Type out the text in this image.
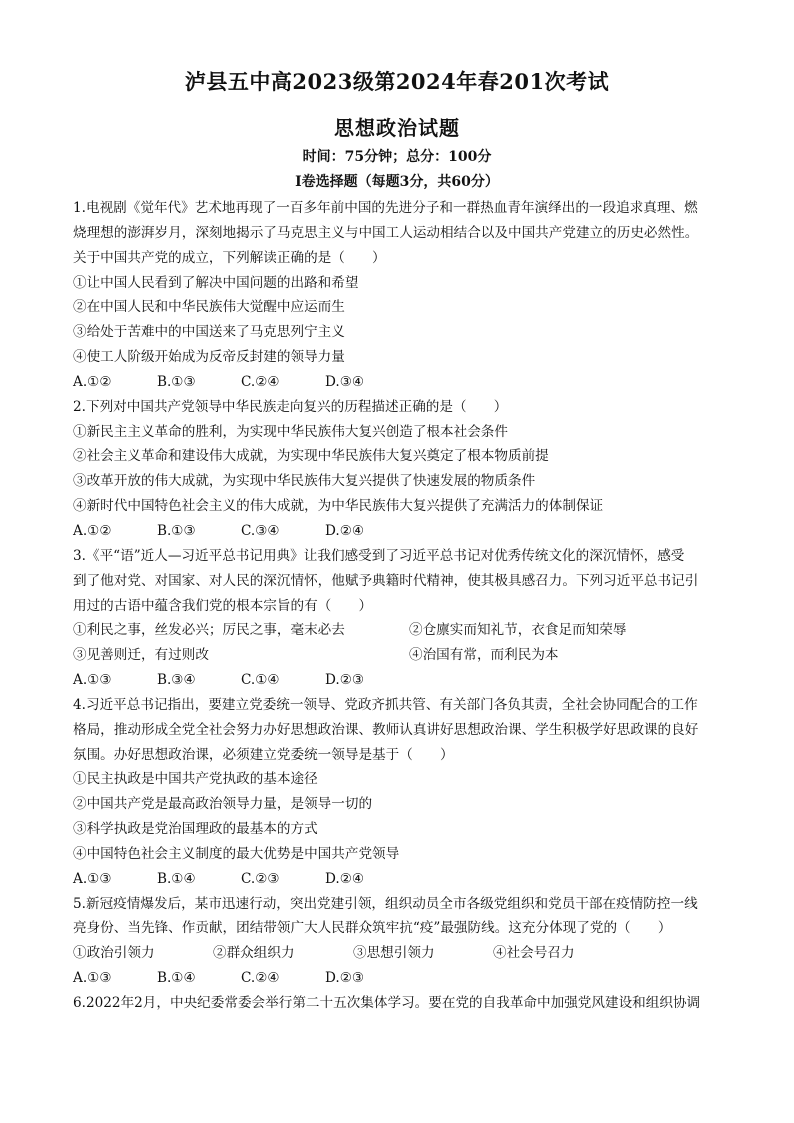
泸县五中高2023级第2024年春201次考试
思想政治试题
时间：75分钟；总分：100分
I卷选择题（每题3分，共60分）
1.电视剧《觉年代》艺术地再现了一百多年前中国的先进分子和一群热血青年演绎出的一段追求真理、燃
烧理想的澎湃岁月，深刻地揭示了马克思主义与中国工人运动相结合以及中国共产党建立的历史必然性。
关于中国共产党的成立，下列解读正确的是（　　）
①让中国人民看到了解决中国问题的出路和希望
②在中国人民和中华民族伟大觉醒中应运而生
③给处于苦难中的中国送来了马克思列宁主义
④使工人阶级开始成为反帝反封建的领导力量
A.①②	B.①③	C.②④	D.③④
2.下列对中国共产党领导中华民族走向复兴的历程描述正确的是（　　）
①新民主主义革命的胜利，为实现中华民族伟大复兴创造了根本社会条件
②社会主义革命和建设伟大成就，为实现中华民族伟大复兴奠定了根本物质前提
③改革开放的伟大成就，为实现中华民族伟大复兴提供了快速发展的物质条件
④新时代中国特色社会主义的伟大成就，为中华民族伟大复兴提供了充满活力的体制保证
A.①②	B.①③	C.③④	D.②④
3.《平“语”近人—习近平总书记用典》让我们感受到了习近平总书记对优秀传统文化的深沉情怀，感受
到了他对党、对国家、对人民的深沉情怀，他赋予典籍时代精神，使其极具感召力。下列习近平总书记引
用过的古语中蕴含我们党的根本宗旨的有（　　）
①利民之事，丝发必兴；厉民之事，毫末必去	②仓廪实而知礼节，衣食足而知荣辱
③见善则迁，有过则改	④治国有常，而利民为本
A.①③	B.③④	C.①④	D.②③
4.习近平总书记指出，要建立党委统一领导、党政齐抓共管、有关部门各负其责，全社会协同配合的工作
格局，推动形成全党全社会努力办好思想政治课、教师认真讲好思想政治课、学生积极学好思政课的良好
氛围。办好思想政治课，必须建立党委统一领导是基于（　　）
①民主执政是中国共产党执政的基本途径
②中国共产党是最高政治领导力量，是领导一切的
③科学执政是党治国理政的最基本的方式
④中国特色社会主义制度的最大优势是中国共产党领导
A.①③	B.①④	C.②③	D.②④
5.新冠疫情爆发后，某市迅速行动，突出党建引领，组织动员全市各级党组织和党员干部在疫情防控一线
亮身份、当先锋、作贡献，团结带领广大人民群众筑牢抗“疫”最强防线。这充分体现了党的（　　）
①政治引领力	②群众组织力	③思想引领力	④社会号召力
A.①③	B.①④	C.②④	D.②③
6.2022年2月，中央纪委常委会举行第二十五次集体学习。要在党的自我革命中加强党风建设和组织协调
